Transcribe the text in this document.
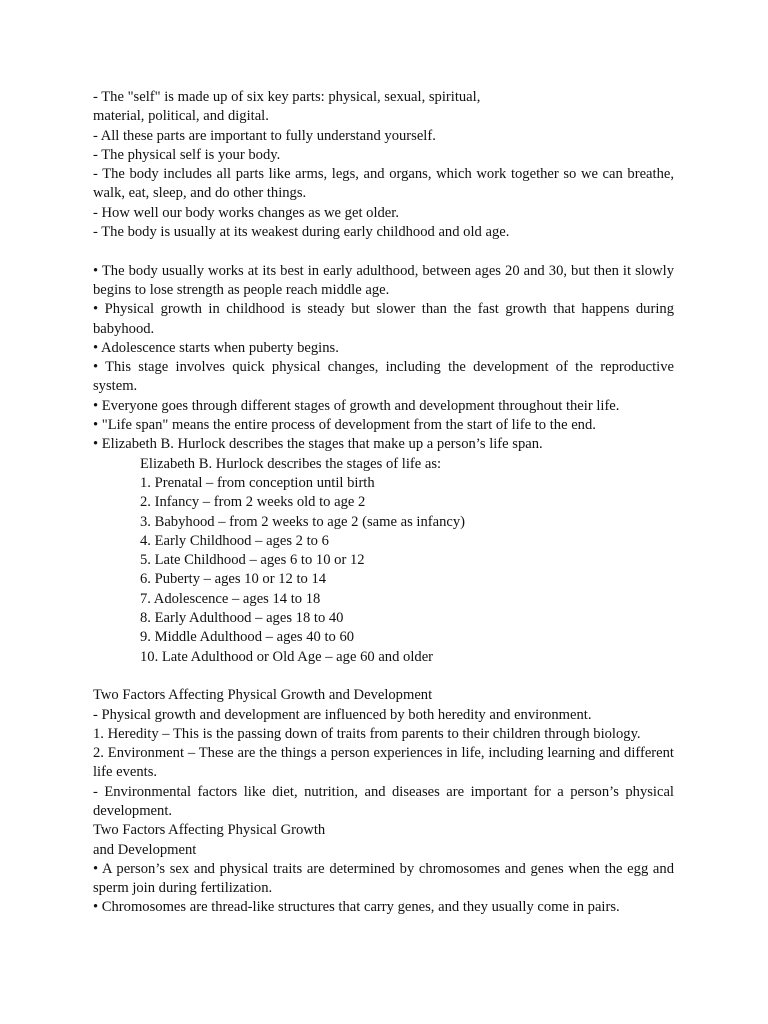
- The "self" is made up of six key parts: physical, sexual, spiritual,
material, political, and digital.
- All these parts are important to fully understand yourself.
- The physical self is your body.
- The body includes all parts like arms, legs, and organs, which work together so we can breathe, walk, eat, sleep, and do other things.
- How well our body works changes as we get older.
- The body is usually at its weakest during early childhood and old age.
• The body usually works at its best in early adulthood, between ages 20 and 30, but then it slowly begins to lose strength as people reach middle age.
• Physical growth in childhood is steady but slower than the fast growth that happens during babyhood.
• Adolescence starts when puberty begins.
• This stage involves quick physical changes, including the development of the reproductive system.
• Everyone goes through different stages of growth and development throughout their life.
• "Life span" means the entire process of development from the start of life to the end.
• Elizabeth B. Hurlock describes the stages that make up a person’s life span.
Elizabeth B. Hurlock describes the stages of life as:
1. Prenatal – from conception until birth
2. Infancy – from 2 weeks old to age 2
3. Babyhood – from 2 weeks to age 2 (same as infancy)
4. Early Childhood – ages 2 to 6
5. Late Childhood – ages 6 to 10 or 12
6. Puberty – ages 10 or 12 to 14
7. Adolescence – ages 14 to 18
8. Early Adulthood – ages 18 to 40
9. Middle Adulthood – ages 40 to 60
10. Late Adulthood or Old Age – age 60 and older
Two Factors Affecting Physical Growth and Development
- Physical growth and development are influenced by both heredity and environment.
1. Heredity – This is the passing down of traits from parents to their children through biology.
2. Environment – These are the things a person experiences in life, including learning and different life events.
- Environmental factors like diet, nutrition, and diseases are important for a person’s physical development.
Two Factors Affecting Physical Growth
and Development
• A person’s sex and physical traits are determined by chromosomes and genes when the egg and sperm join during fertilization.
• Chromosomes are thread-like structures that carry genes, and they usually come in pairs.
